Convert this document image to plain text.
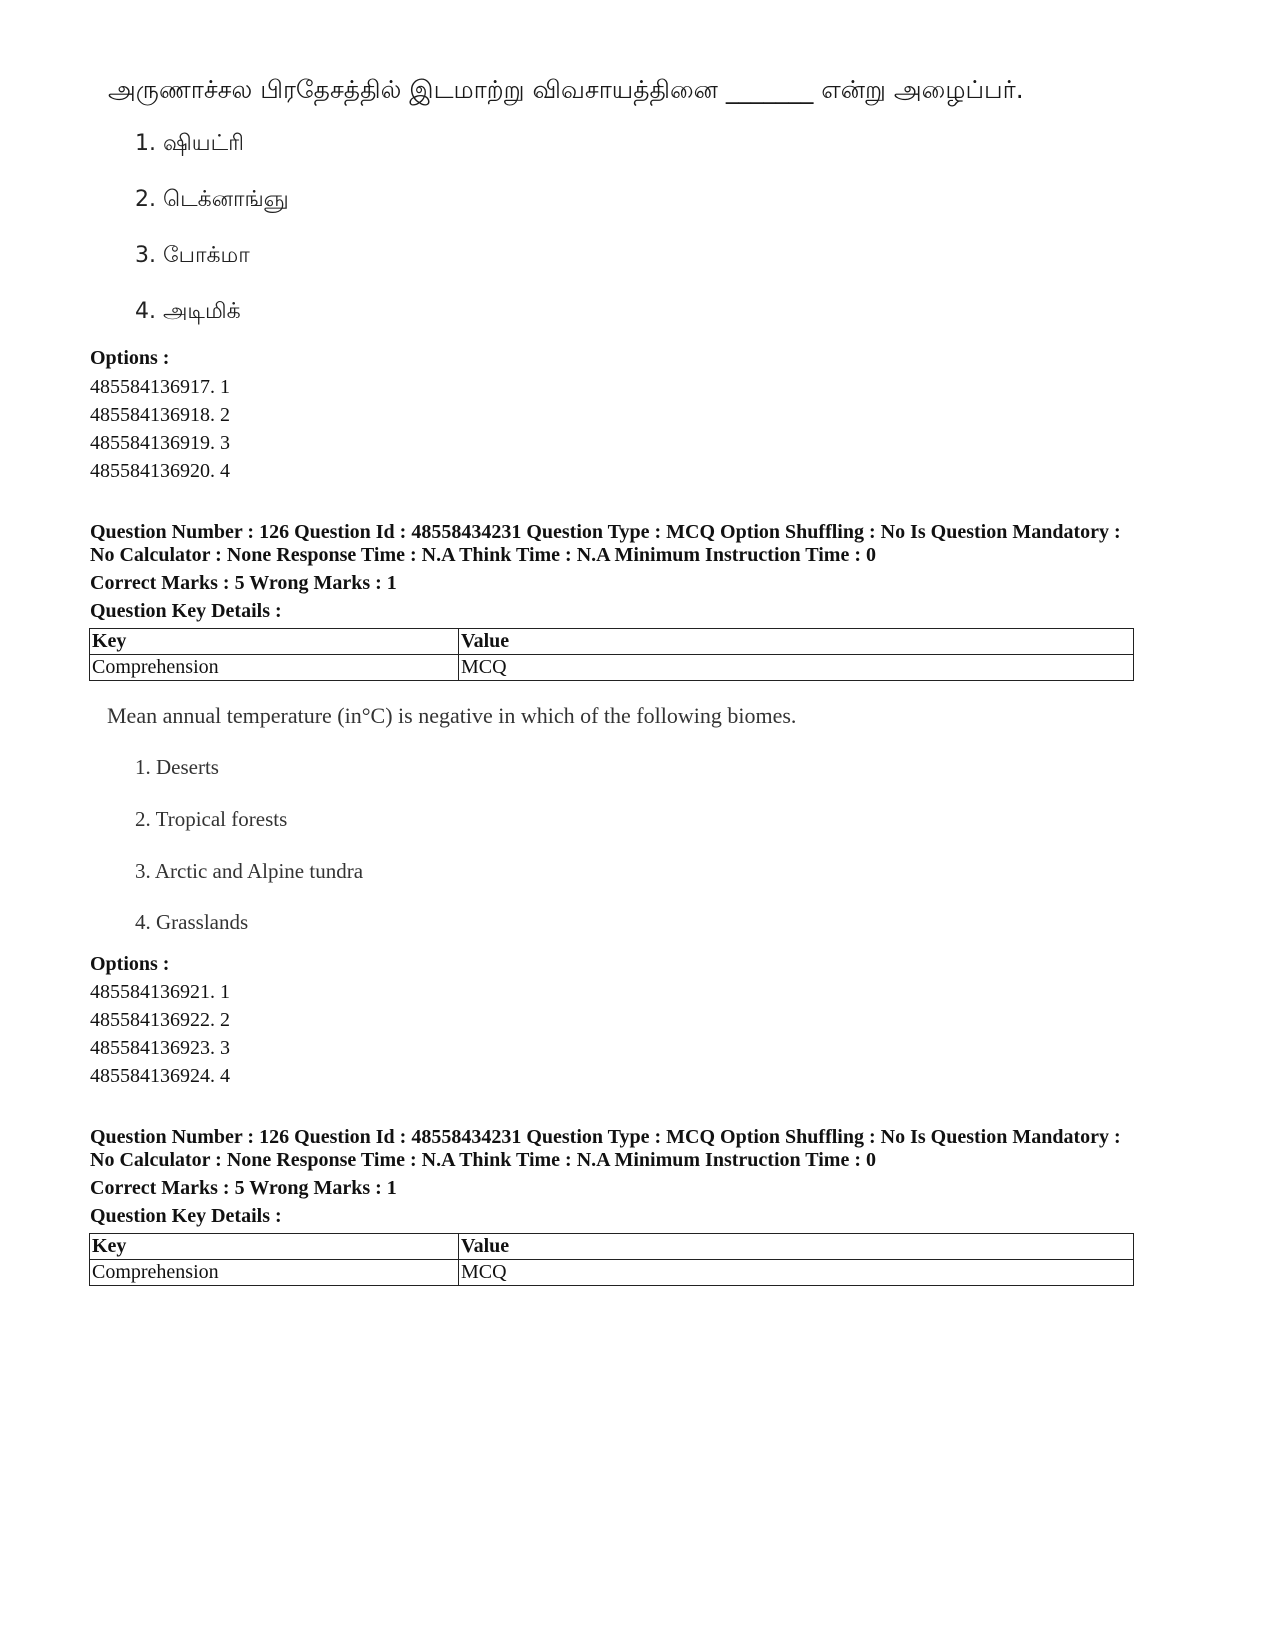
அருணாச்சல பிரதேசத்தில் இடமாற்று விவசாயத்தினை _______ என்று அழைப்பர்.
1. ஷியட்ரி
2. டெக்னாங்ஞு
3. போக்மா
4. அடிமிக்
Options :
485584136917. 1
485584136918. 2
485584136919. 3
485584136920. 4
Question Number : 126 Question Id : 48558434231 Question Type : MCQ Option Shuffling : No Is Question Mandatory :
No Calculator : None Response Time : N.A Think Time : N.A Minimum Instruction Time : 0
Correct Marks : 5 Wrong Marks : 1
Question Key Details :
Key	Value
Comprehension	MCQ
Mean annual temperature (in°C) is negative in which of the following biomes.
1. Deserts
2. Tropical forests
3. Arctic and Alpine tundra
4. Grasslands
Options :
485584136921. 1
485584136922. 2
485584136923. 3
485584136924. 4
Question Number : 126 Question Id : 48558434231 Question Type : MCQ Option Shuffling : No Is Question Mandatory :
No Calculator : None Response Time : N.A Think Time : N.A Minimum Instruction Time : 0
Correct Marks : 5 Wrong Marks : 1
Question Key Details :
Key	Value
Comprehension	MCQ
